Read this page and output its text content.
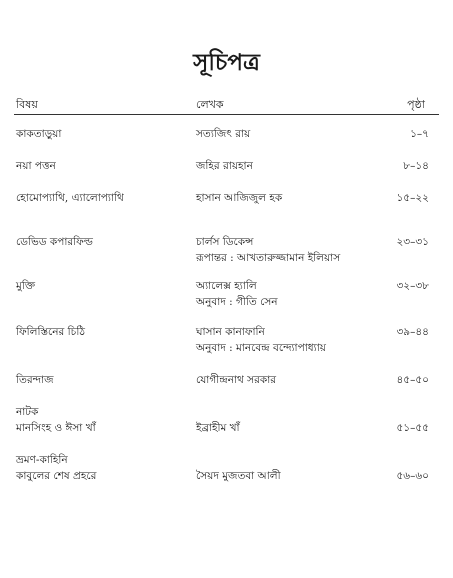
সূচিপত্র
বিষয়	লেখক	পৃষ্ঠা
কাকতাড়ুয়া	সত্যজিৎ রায়	১–৭
নয়া পত্তন	জহির রায়হান	৮–১৪
হোমোপ্যাথি, এ্যালোপ্যাথি	হাসান আজিজুল হক	১৫–২২
ডেভিড কপারফিল্ড	চার্লস ডিকেন্স	২৩–৩১
রূপান্তর : আখতারুজ্জামান ইলিয়াস
মুক্তি	অ্যালেক্স হ্যালি	৩২–৩৮
অনুবাদ : গীতি সেন
ফিলিস্তিনের চিঠি	ঘাসান কানাফানি	৩৯–৪৪
অনুবাদ : মানবেন্দ্র বন্দ্যোপাধ্যায়
তিরন্দাজ	যোগীন্দ্রনাথ সরকার	৪৫–৫০
নাটক
মানসিংহ ও ঈসা খাঁ	ইব্রাহীম খাঁ	৫১–৫৫
ভ্রমণ-কাহিনি
কাবুলের শেষ প্রহরে	সৈয়দ মুজতবা আলী	৫৬–৬০
